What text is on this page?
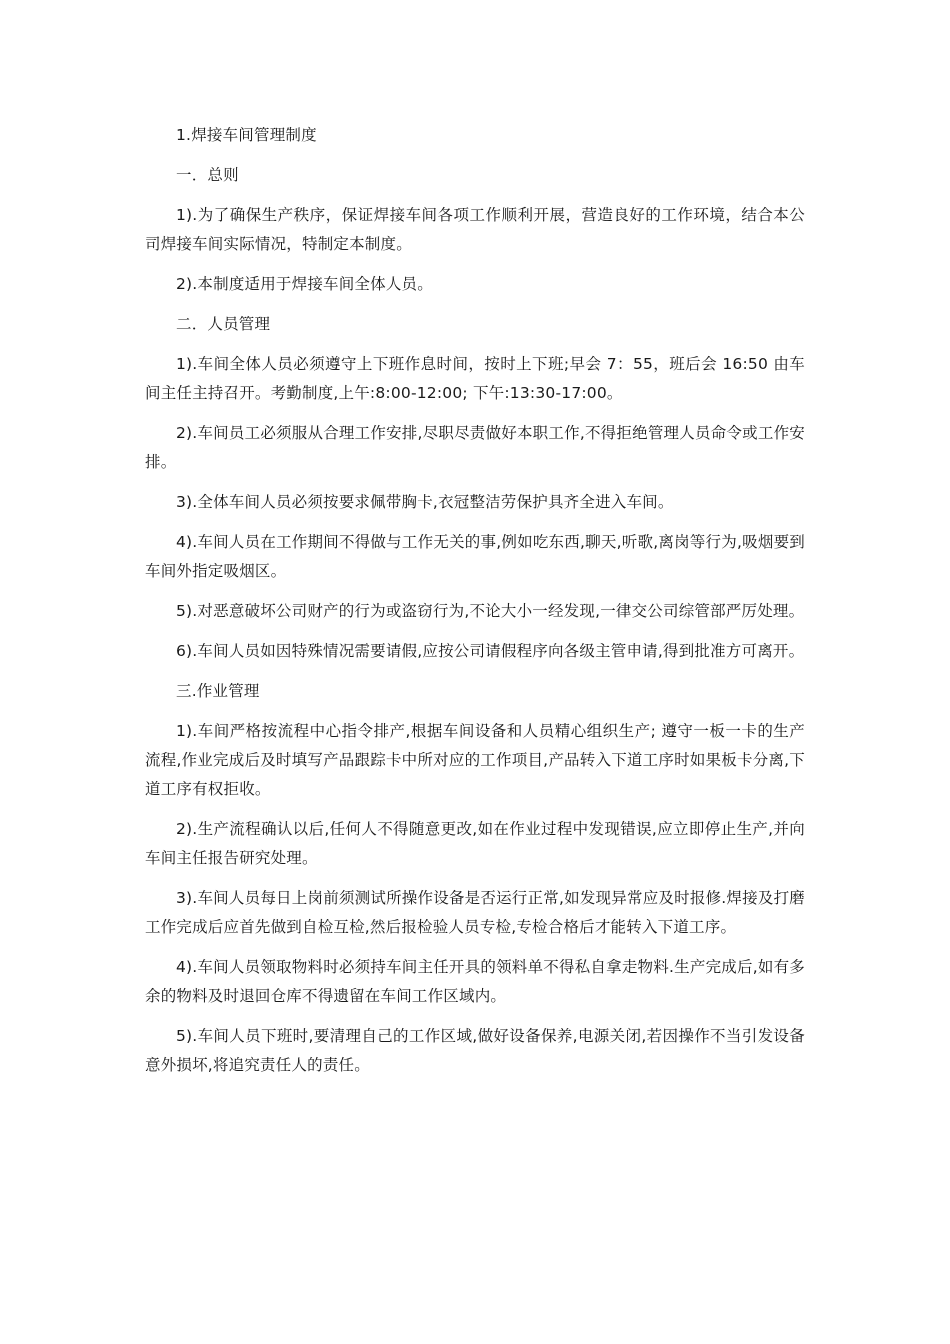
1.焊接车间管理制度

一．总则

1).为了确保生产秩序，保证焊接车间各项工作顺利开展，营造良好的工作环境，结合本公司焊接车间实际情况，特制定本制度。

2).本制度适用于焊接车间全体人员。

二．人员管理

1).车间全体人员必须遵守上下班作息时间，按时上下班;早会 7：55，班后会 16:50 由车间主任主持召开。考勤制度,上午:8:00-12:00; 下午:13:30-17:00。

2).车间员工必须服从合理工作安排,尽职尽责做好本职工作,不得拒绝管理人员命令或工作安排。

3).全体车间人员必须按要求佩带胸卡,衣冠整洁劳保护具齐全进入车间。

4).车间人员在工作期间不得做与工作无关的事,例如吃东西,聊天,听歌,离岗等行为,吸烟要到车间外指定吸烟区。

5).对恶意破坏公司财产的行为或盗窃行为,不论大小一经发现,一律交公司综管部严厉处理。

6).车间人员如因特殊情况需要请假,应按公司请假程序向各级主管申请,得到批准方可离开。

三.作业管理

1).车间严格按流程中心指令排产,根据车间设备和人员精心组织生产; 遵守一板一卡的生产流程,作业完成后及时填写产品跟踪卡中所对应的工作项目,产品转入下道工序时如果板卡分离,下道工序有权拒收。

2).生产流程确认以后,任何人不得随意更改,如在作业过程中发现错误,应立即停止生产,并向车间主任报告研究处理。

3).车间人员每日上岗前须测试所操作设备是否运行正常,如发现异常应及时报修.焊接及打磨工作完成后应首先做到自检互检,然后报检验人员专检,专检合格后才能转入下道工序。

4).车间人员领取物料时必须持车间主任开具的领料单不得私自拿走物料.生产完成后,如有多余的物料及时退回仓库不得遗留在车间工作区域内。

5).车间人员下班时,要清理自己的工作区域,做好设备保养,电源关闭,若因操作不当引发设备意外损坏,将追究责任人的责任。
